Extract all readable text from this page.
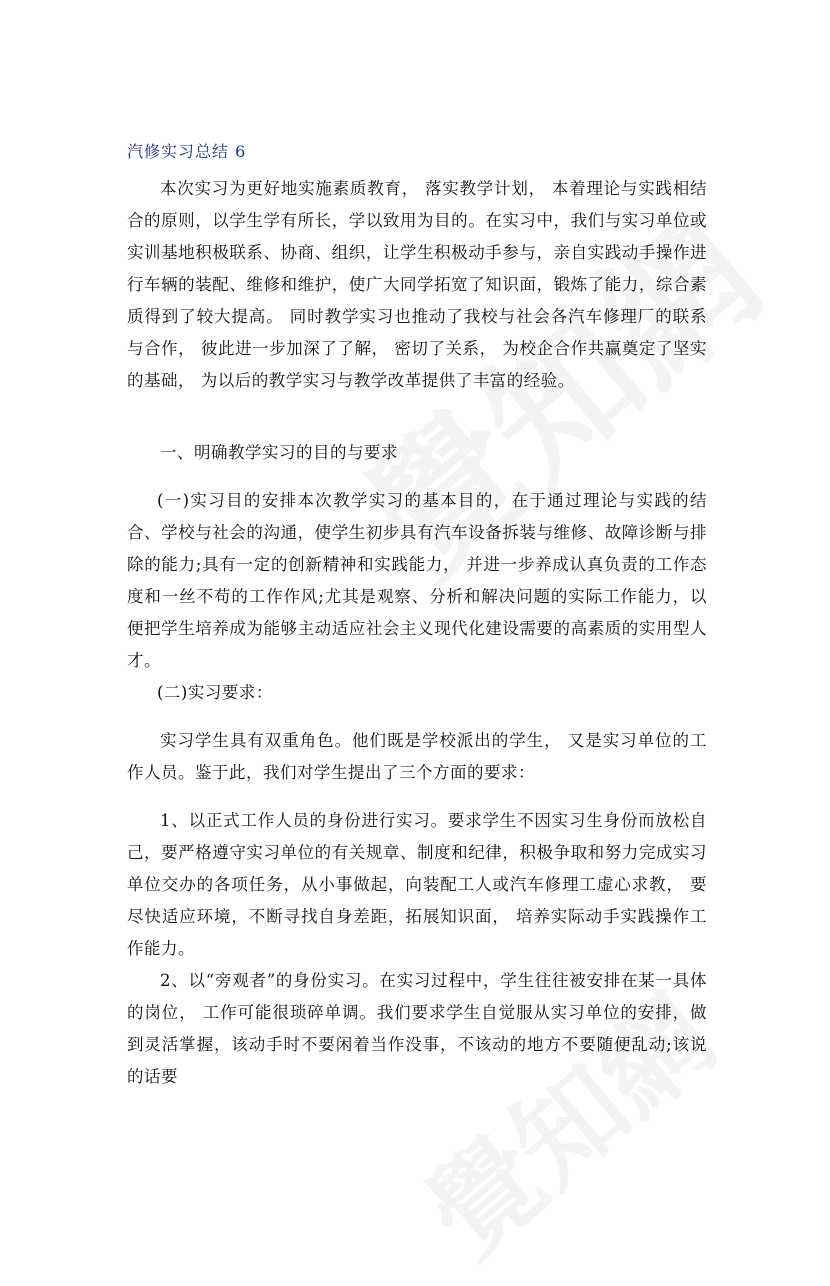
汽修实习总结 6

本次实习为更好地实施素质教育， 落实教学计划， 本着理论与实践相结合的原则，以学生学有所长，学以致用为目的。在实习中，我们与实习单位或实训基地积极联系、协商、组织，让学生积极动手参与，亲自实践动手操作进行车辆的装配、维修和维护，使广大同学拓宽了知识面，锻炼了能力，综合素质得到了较大提高。 同时教学实习也推动了我校与社会各汽车修理厂的联系与合作， 彼此进一步加深了了解， 密切了关系， 为校企合作共赢奠定了坚实的基础， 为以后的教学实习与教学改革提供了丰富的经验。

一、明确教学实习的目的与要求

(一)实习目的安排本次教学实习的基本目的，在于通过理论与实践的结合、学校与社会的沟通，使学生初步具有汽车设备拆装与维修、故障诊断与排除的能力;具有一定的创新精神和实践能力， 并进一步养成认真负责的工作态度和一丝不苟的工作作风;尤其是观察、分析和解决问题的实际工作能力，以便把学生培养成为能够主动适应社会主义现代化建设需要的高素质的实用型人才。

(二)实习要求：

实习学生具有双重角色。他们既是学校派出的学生， 又是实习单位的工作人员。鉴于此，我们对学生提出了三个方面的要求：

1、以正式工作人员的身份进行实习。要求学生不因实习生身份而放松自己，要严格遵守实习单位的有关规章、制度和纪律，积极争取和努力完成实习单位交办的各项任务，从小事做起，向装配工人或汽车修理工虚心求教， 要尽快适应环境，不断寻找自身差距，拓展知识面， 培养实际动手实践操作工作能力。

2、以“旁观者”的身份实习。在实习过程中，学生往往被安排在某一具体的岗位， 工作可能很琐碎单调。我们要求学生自觉服从实习单位的安排，做到灵活掌握，该动手时不要闲着当作没事，不该动的地方不要随便乱动;该说的话要
